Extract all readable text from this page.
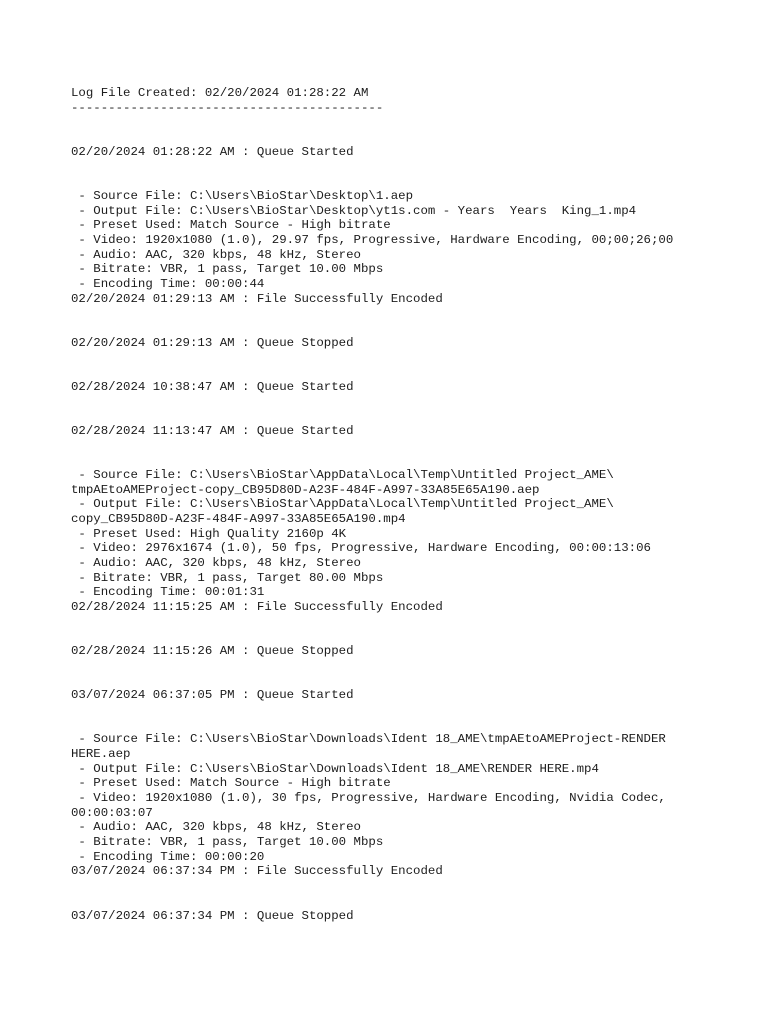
Log File Created: 02/20/2024 01:28:22 AM
------------------------------------------
02/20/2024 01:28:22 AM : Queue Started
- Source File: C:\Users\BioStar\Desktop\1.aep
- Output File: C:\Users\BioStar\Desktop\yt1s.com - Years  Years  King_1.mp4
- Preset Used: Match Source - High bitrate
- Video: 1920x1080 (1.0), 29.97 fps, Progressive, Hardware Encoding, 00;00;26;00
- Audio: AAC, 320 kbps, 48 kHz, Stereo
- Bitrate: VBR, 1 pass, Target 10.00 Mbps
- Encoding Time: 00:00:44
02/20/2024 01:29:13 AM : File Successfully Encoded
02/20/2024 01:29:13 AM : Queue Stopped
02/28/2024 10:38:47 AM : Queue Started
02/28/2024 11:13:47 AM : Queue Started
- Source File: C:\Users\BioStar\AppData\Local\Temp\Untitled Project_AME\
tmpAEtoAMEProject-copy_CB95D80D-A23F-484F-A997-33A85E65A190.aep
- Output File: C:\Users\BioStar\AppData\Local\Temp\Untitled Project_AME\
copy_CB95D80D-A23F-484F-A997-33A85E65A190.mp4
- Preset Used: High Quality 2160p 4K
- Video: 2976x1674 (1.0), 50 fps, Progressive, Hardware Encoding, 00:00:13:06
- Audio: AAC, 320 kbps, 48 kHz, Stereo
- Bitrate: VBR, 1 pass, Target 80.00 Mbps
- Encoding Time: 00:01:31
02/28/2024 11:15:25 AM : File Successfully Encoded
02/28/2024 11:15:26 AM : Queue Stopped
03/07/2024 06:37:05 PM : Queue Started
- Source File: C:\Users\BioStar\Downloads\Ident 18_AME\tmpAEtoAMEProject-RENDER
HERE.aep
- Output File: C:\Users\BioStar\Downloads\Ident 18_AME\RENDER HERE.mp4
- Preset Used: Match Source - High bitrate
- Video: 1920x1080 (1.0), 30 fps, Progressive, Hardware Encoding, Nvidia Codec,
00:00:03:07
- Audio: AAC, 320 kbps, 48 kHz, Stereo
- Bitrate: VBR, 1 pass, Target 10.00 Mbps
- Encoding Time: 00:00:20
03/07/2024 06:37:34 PM : File Successfully Encoded
03/07/2024 06:37:34 PM : Queue Stopped
